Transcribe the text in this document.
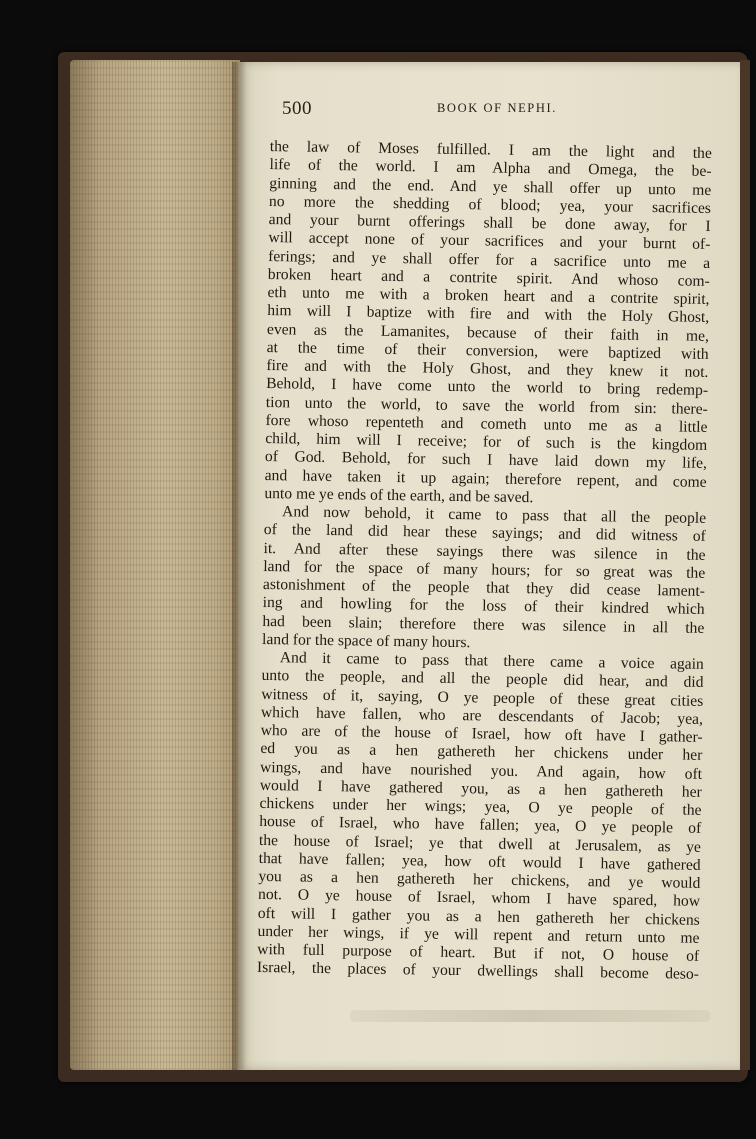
500	BOOK OF NEPHI.
the law of Moses fulfilled. I am the light and the
life of the world. I am Alpha and Omega, the be-
ginning and the end. And ye shall offer up unto me
no more the shedding of blood; yea, your sacrifices
and your burnt offerings shall be done away, for I
will accept none of your sacrifices and your burnt of-
ferings; and ye shall offer for a sacrifice unto me a
broken heart and a contrite spirit. And whoso com-
eth unto me with a broken heart and a contrite spirit,
him will I baptize with fire and with the Holy Ghost,
even as the Lamanites, because of their faith in me,
at the time of their conversion, were baptized with
fire and with the Holy Ghost, and they knew it not.
Behold, I have come unto the world to bring redemp-
tion unto the world, to save the world from sin: there-
fore whoso repenteth and cometh unto me as a little
child, him will I receive; for of such is the kingdom
of God. Behold, for such I have laid down my life,
and have taken it up again; therefore repent, and come
unto me ye ends of the earth, and be saved.
And now behold, it came to pass that all the people
of the land did hear these sayings; and did witness of
it. And after these sayings there was silence in the
land for the space of many hours; for so great was the
astonishment of the people that they did cease lament-
ing and howling for the loss of their kindred which
had been slain; therefore there was silence in all the
land for the space of many hours.
And it came to pass that there came a voice again
unto the people, and all the people did hear, and did
witness of it, saying, O ye people of these great cities
which have fallen, who are descendants of Jacob; yea,
who are of the house of Israel, how oft have I gather-
ed you as a hen gathereth her chickens under her
wings, and have nourished you. And again, how oft
would I have gathered you, as a hen gathereth her
chickens under her wings; yea, O ye people of the
house of Israel, who have fallen; yea, O ye people of
the house of Israel; ye that dwell at Jerusalem, as ye
that have fallen; yea, how oft would I have gathered
you as a hen gathereth her chickens, and ye would
not. O ye house of Israel, whom I have spared, how
oft will I gather you as a hen gathereth her chickens
under her wings, if ye will repent and return unto me
with full purpose of heart. But if not, O house of
Israel, the places of your dwellings shall become deso-
